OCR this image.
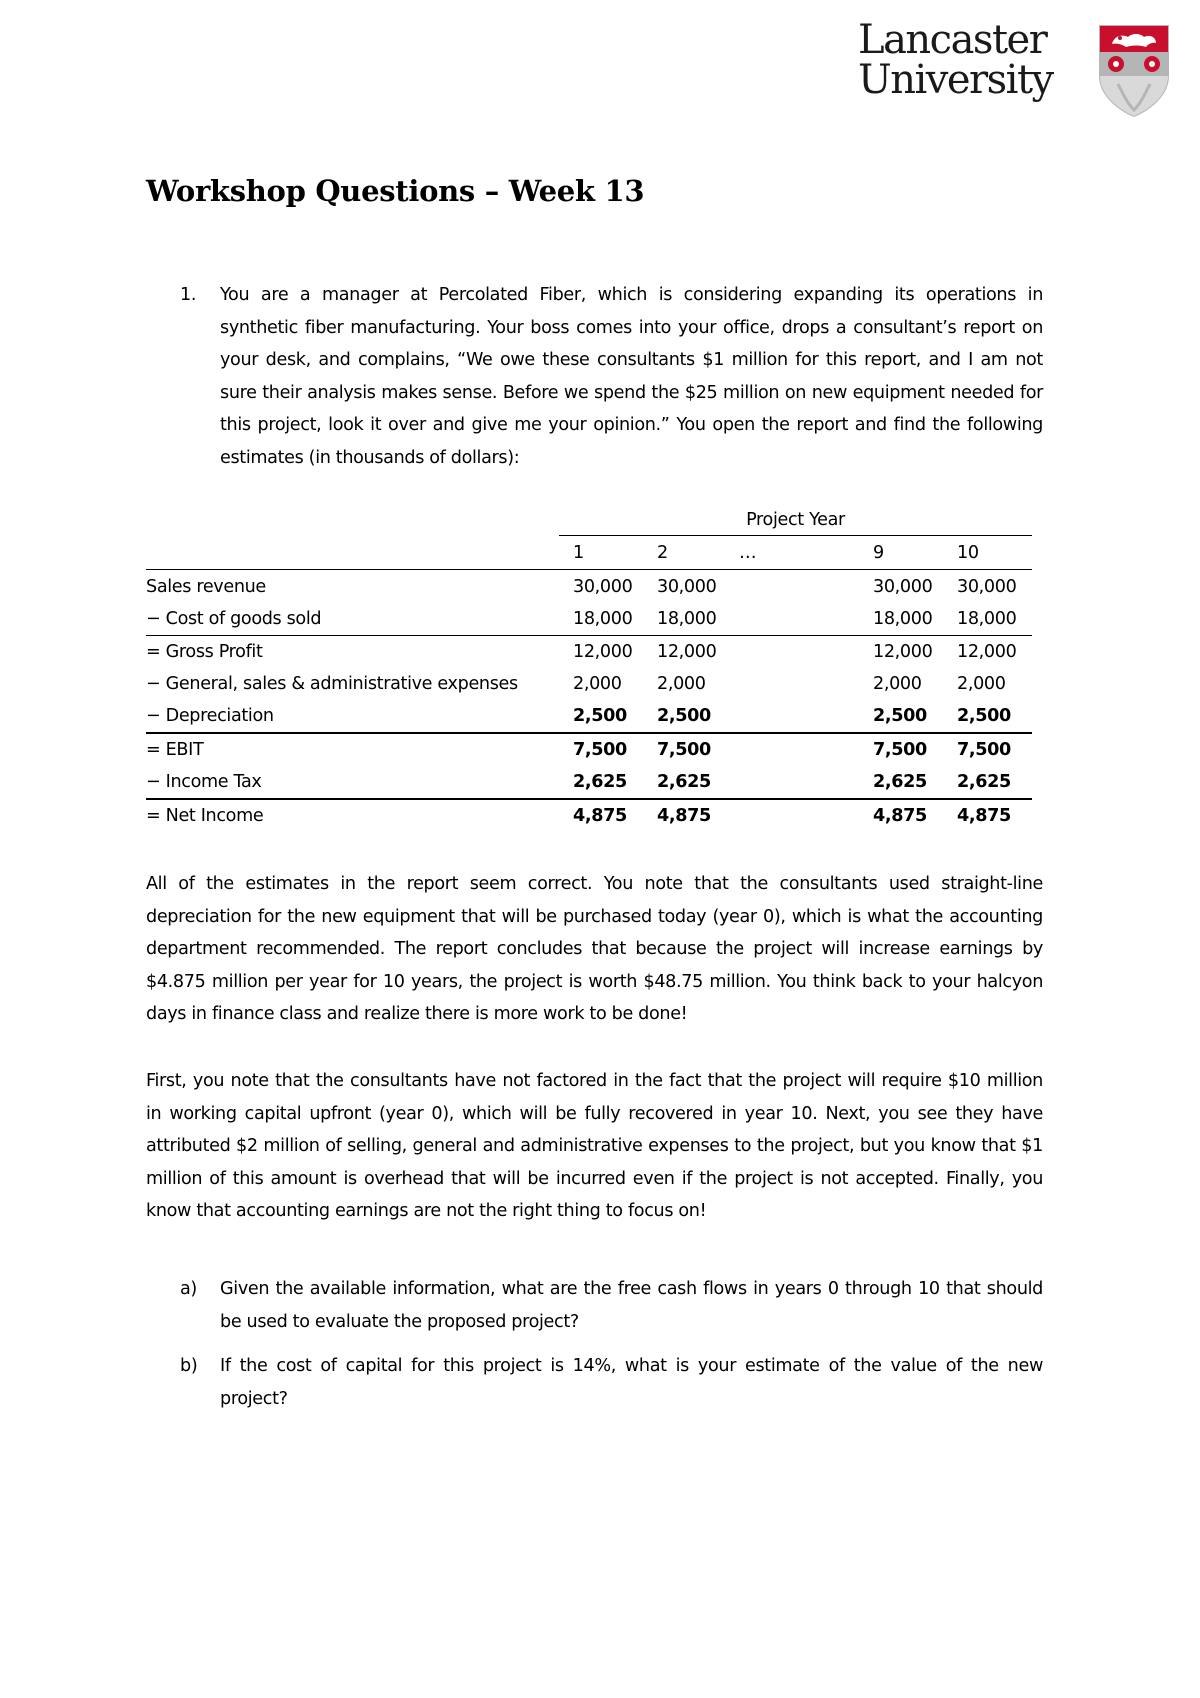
Lancaster
University
Workshop Questions – Week 13
1. You are a manager at Percolated Fiber, which is considering expanding its operations in synthetic fiber manufacturing. Your boss comes into your office, drops a consultant’s report on your desk, and complains, “We owe these consultants $1 million for this report, and I am not sure their analysis makes sense. Before we spend the $25 million on new equipment needed for this project, look it over and give me your opinion.” You open the report and find the following estimates (in thousands of dollars):
Project Year
1	2	…	9	10
Sales revenue	30,000 30,000	30,000 30,000
− Cost of goods sold	18,000 18,000	18,000 18,000
= Gross Profit	12,000 12,000	12,000 12,000
− General, sales & administrative expenses	2,000 2,000	2,000 2,000
− Depreciation	2,500 2,500	2,500 2,500
= EBIT	7,500 7,500	7,500 7,500
− Income Tax	2,625 2,625	2,625 2,625
= Net Income	4,875 4,875	4,875 4,875
All of the estimates in the report seem correct. You note that the consultants used straight-line depreciation for the new equipment that will be purchased today (year 0), which is what the accounting department recommended. The report concludes that because the project will increase earnings by $4.875 million per year for 10 years, the project is worth $48.75 million. You think back to your halcyon days in finance class and realize there is more work to be done!
First, you note that the consultants have not factored in the fact that the project will require $10 million in working capital upfront (year 0), which will be fully recovered in year 10. Next, you see they have attributed $2 million of selling, general and administrative expenses to the project, but you know that $1 million of this amount is overhead that will be incurred even if the project is not accepted. Finally, you know that accounting earnings are not the right thing to focus on!
a) Given the available information, what are the free cash flows in years 0 through 10 that should be used to evaluate the proposed project?
b) If the cost of capital for this project is 14%, what is your estimate of the value of the new project?
